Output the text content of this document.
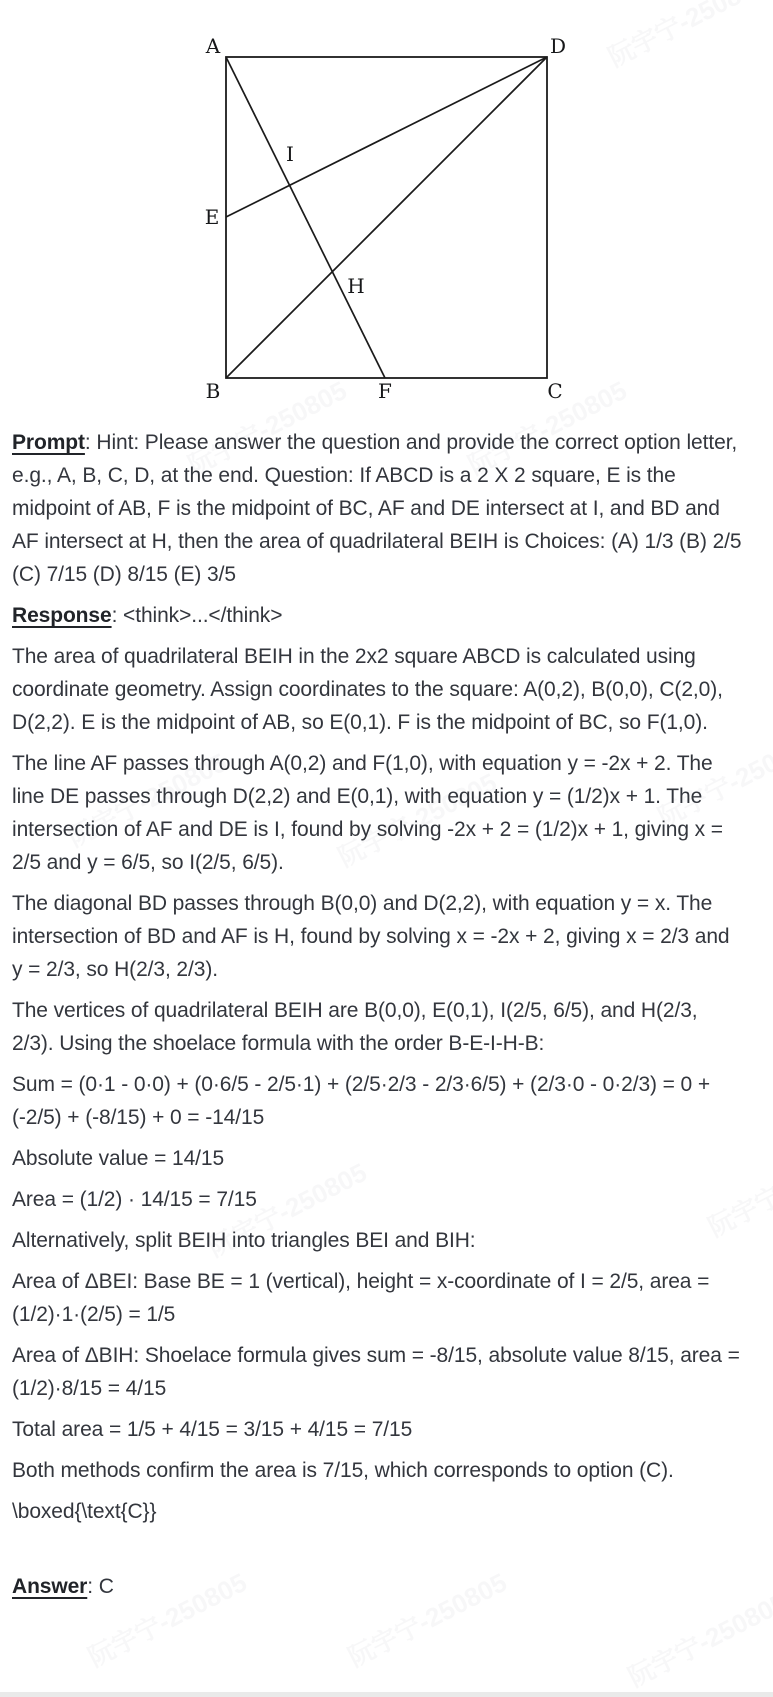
A	D
B	C
E
F
I
H

Prompt: Hint: Please answer the question and provide the correct option letter, e.g., A, B, C, D, at the end. Question: If ABCD is a 2 X 2 square, E is the midpoint of AB, F is the midpoint of BC, AF and DE intersect at I, and BD and AF intersect at H, then the area of quadrilateral BEIH is Choices: (A) 1/3 (B) 2/5 (C) 7/15 (D) 8/15 (E) 3/5

Response: <think>...</think>

The area of quadrilateral BEIH in the 2x2 square ABCD is calculated using coordinate geometry. Assign coordinates to the square: A(0,2), B(0,0), C(2,0), D(2,2). E is the midpoint of AB, so E(0,1). F is the midpoint of BC, so F(1,0).

The line AF passes through A(0,2) and F(1,0), with equation y = -2x + 2. The line DE passes through D(2,2) and E(0,1), with equation y = (1/2)x + 1. The intersection of AF and DE is I, found by solving -2x + 2 = (1/2)x + 1, giving x = 2/5 and y = 6/5, so I(2/5, 6/5).

The diagonal BD passes through B(0,0) and D(2,2), with equation y = x. The intersection of BD and AF is H, found by solving x = -2x + 2, giving x = 2/3 and y = 2/3, so H(2/3, 2/3).

The vertices of quadrilateral BEIH are B(0,0), E(0,1), I(2/5, 6/5), and H(2/3, 2/3). Using the shoelace formula with the order B-E-I-H-B:

Sum = (0·1 - 0·0) + (0·6/5 - 2/5·1) + (2/5·2/3 - 2/3·6/5) + (2/3·0 - 0·2/3) = 0 + (-2/5) + (-8/15) + 0 = -14/15

Absolute value = 14/15

Area = (1/2) · 14/15 = 7/15

Alternatively, split BEIH into triangles BEI and BIH:

Area of ΔBEI: Base BE = 1 (vertical), height = x-coordinate of I = 2/5, area = (1/2)·1·(2/5) = 1/5

Area of ΔBIH: Shoelace formula gives sum = -8/15, absolute value 8/15, area = (1/2)·8/15 = 4/15

Total area = 1/5 + 4/15 = 3/15 + 4/15 = 7/15

Both methods confirm the area is 7/15, which corresponds to option (C).

\boxed{\text{C}}

Answer: C
